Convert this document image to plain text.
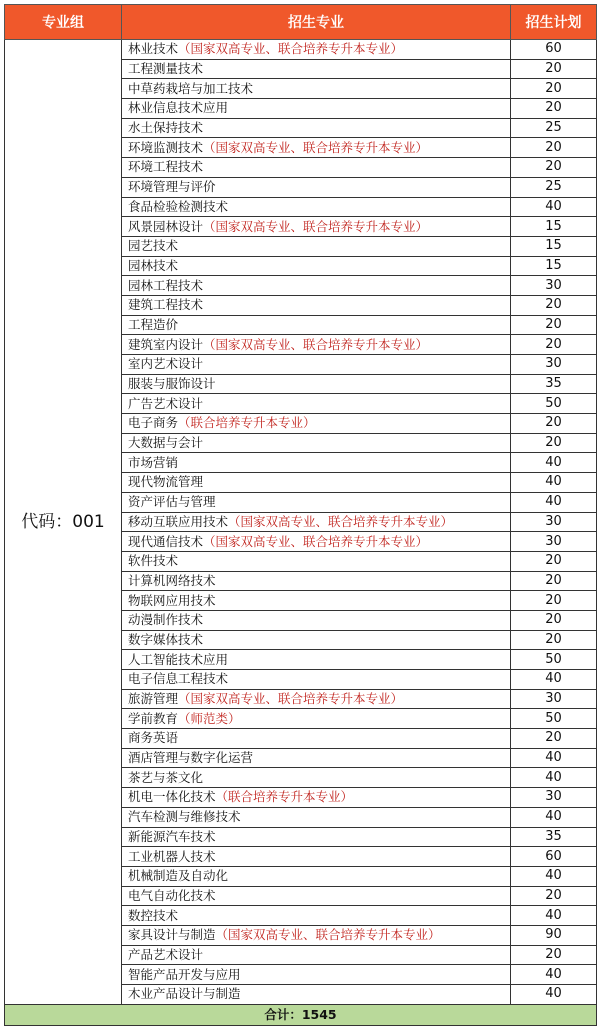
专业组	招生专业	招生计划
代码：001	林业技术（国家双高专业、联合培养专升本专业）	60
	工程测量技术	20
	中草药栽培与加工技术	20
	林业信息技术应用	20
	水土保持技术	25
	环境监测技术（国家双高专业、联合培养专升本专业）	20
	环境工程技术	20
	环境管理与评价	25
	食品检验检测技术	40
	风景园林设计（国家双高专业、联合培养专升本专业）	15
	园艺技术	15
	园林技术	15
	园林工程技术	30
	建筑工程技术	20
	工程造价	20
	建筑室内设计（国家双高专业、联合培养专升本专业）	20
	室内艺术设计	30
	服装与服饰设计	35
	广告艺术设计	50
	电子商务（联合培养专升本专业）	20
	大数据与会计	20
	市场营销	40
	现代物流管理	40
	资产评估与管理	40
	移动互联应用技术（国家双高专业、联合培养专升本专业）	30
	现代通信技术（国家双高专业、联合培养专升本专业）	30
	软件技术	20
	计算机网络技术	20
	物联网应用技术	20
	动漫制作技术	20
	数字媒体技术	20
	人工智能技术应用	50
	电子信息工程技术	40
	旅游管理（国家双高专业、联合培养专升本专业）	30
	学前教育（师范类）	50
	商务英语	20
	酒店管理与数字化运营	40
	茶艺与茶文化	40
	机电一体化技术（联合培养专升本专业）	30
	汽车检测与维修技术	40
	新能源汽车技术	35
	工业机器人技术	60
	机械制造及自动化	40
	电气自动化技术	20
	数控技术	40
	家具设计与制造（国家双高专业、联合培养专升本专业）	90
	产品艺术设计	20
	智能产品开发与应用	40
	木业产品设计与制造	40
合计：1545		
